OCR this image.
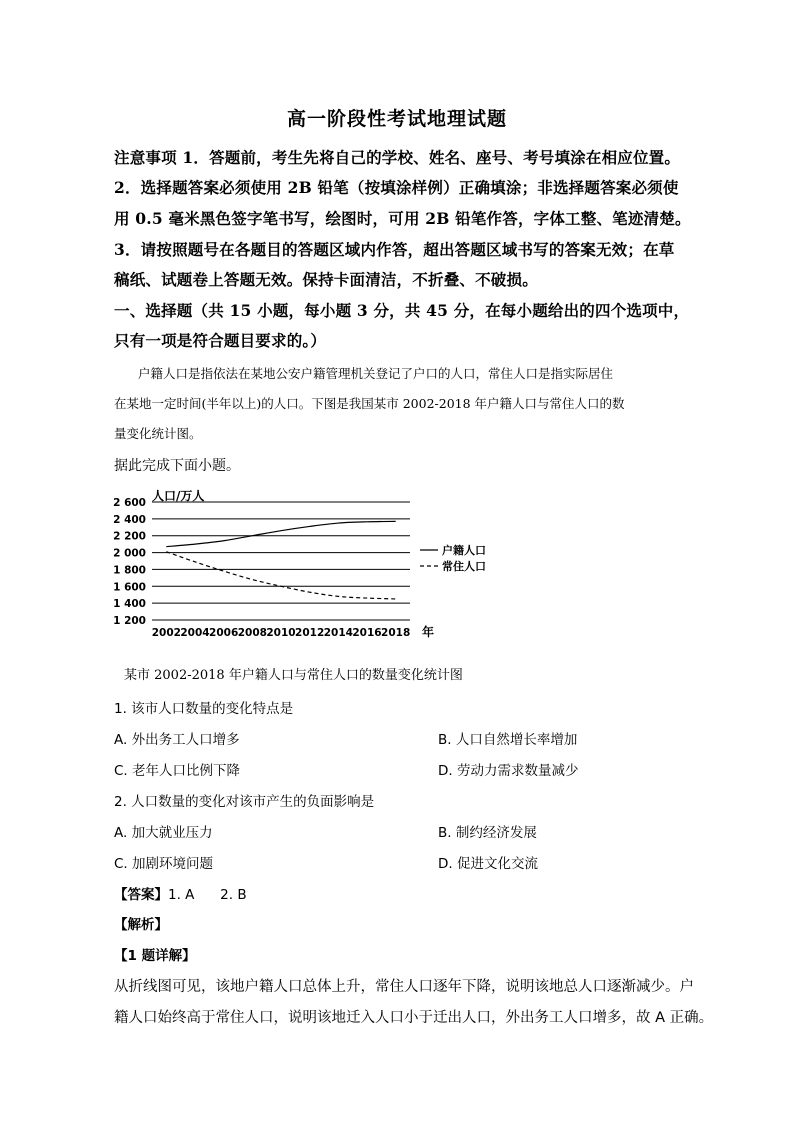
高一阶段性考试地理试题
注意事项 1．答题前，考生先将自己的学校、姓名、座号、考号填涂在相应位置。
2．选择题答案必须使用 2B 铅笔（按填涂样例）正确填涂；非选择题答案必须使
用 0.5 毫米黑色签字笔书写，绘图时，可用 2B 铅笔作答，字体工整、笔迹清楚。
3．请按照题号在各题目的答题区域内作答，超出答题区域书写的答案无效；在草
稿纸、试题卷上答题无效。保持卡面清洁，不折叠、不破损。
一、选择题（共 15 小题，每小题 3 分，共 45 分，在每小题给出的四个选项中，
只有一项是符合题目要求的。）
户籍人口是指依法在某地公安户籍管理机关登记了户口的人口，常住人口是指实际居住
在某地一定时间(半年以上)的人口。下图是我国某市 2002-2018 年户籍人口与常住人口的数
量变化统计图。
据此完成下面小题。
2 600
2 400
2 200
2 000
1 800
1 600
1 400
1 200
2002 2004 2006 2008 2010 2012 2014 2016 2018
人口/万人
年
户籍人口
常住人口
某市 2002-2018 年户籍人口与常住人口的数量变化统计图
1. 该市人口数量的变化特点是
A. 外出务工人口增多	B. 人口自然增长率增加
C. 老年人口比例下降	D. 劳动力需求数量减少
2. 人口数量的变化对该市产生的负面影响是
A. 加大就业压力	B. 制约经济发展
C. 加剧环境问题	D. 促进文化交流
【答案】1. A      2. B
【解析】
【1 题详解】
从折线图可见，该地户籍人口总体上升，常住人口逐年下降，说明该地总人口逐渐减少。户
籍人口始终高于常住人口，说明该地迁入人口小于迁出人口，外出务工人口增多，故 A 正确。
